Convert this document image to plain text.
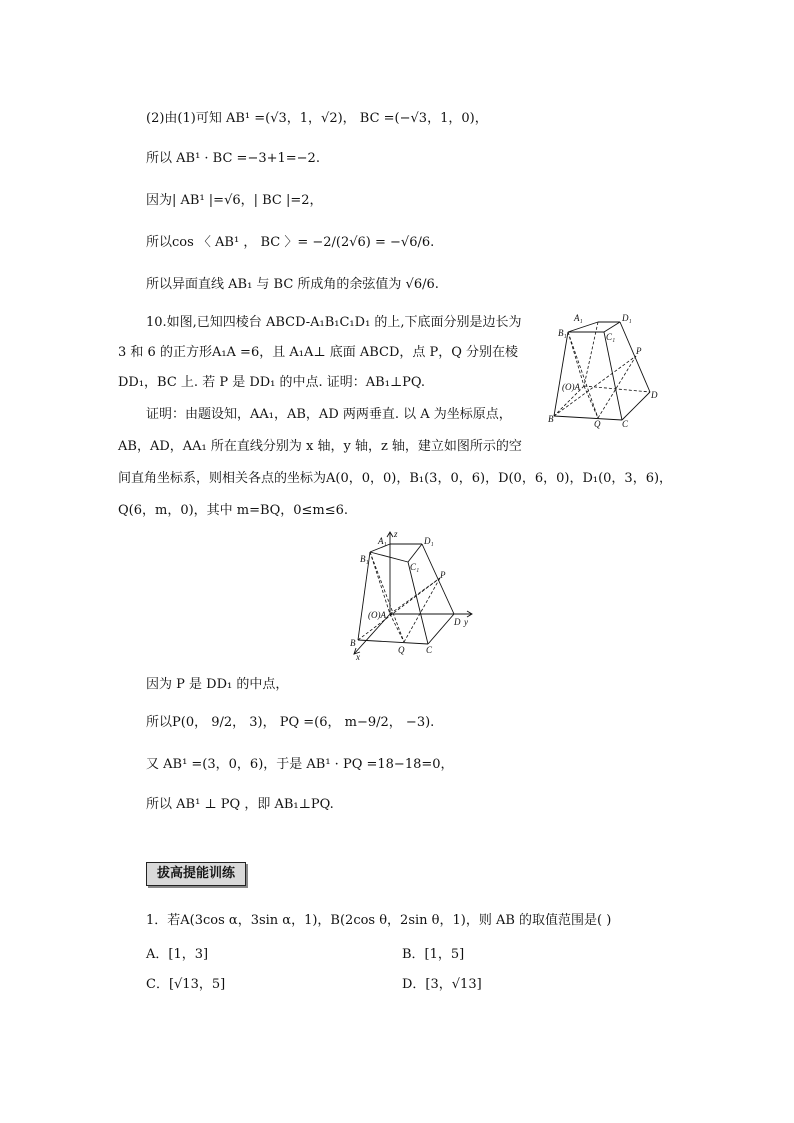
(2)由(1)可知 AB¹ =(√3，1，√2)， BC =(−√3，1，0)，
所以 AB¹ · BC =−3+1=−2.
因为| AB¹ |=√6，| BC |=2，
所以cos 〈 AB¹ ， BC 〉= −2/(2√6) = −√6/6.
所以异面直线 AB₁ 与 BC 所成角的余弦值为 √6/6.
10.如图,已知四棱台 ABCD-A₁B₁C₁D₁ 的上,下底面分别是边长为
3 和 6 的正方形A₁A =6，且 A₁A⊥ 底面 ABCD，点 P，Q 分别在棱
DD₁，BC 上. 若 P 是 DD₁ 的中点. 证明：AB₁⊥PQ.
证明：由题设知，AA₁，AB，AD 两两垂直. 以 A 为坐标原点，
AB，AD，AA₁ 所在直线分别为 x 轴，y 轴，z 轴，建立如图所示的空
间直角坐标系，则相关各点的坐标为A(0，0，0)，B₁(3，0，6)，D(0，6，0)，D₁(0，3，6)，
Q(6，m，0)，其中 m=BQ，0≤m≤6.
A₁	D₁
B₁	C₁
P
(O)A
D
B	Q C
z
y
x
A₁	D₁
B₁
C₁
P
(O)A
D
B
Q C
因为 P 是 DD₁ 的中点，
所以P(0， 9/2， 3)， PQ =(6， m−9/2， −3).
又 AB¹ =(3，0，6)，于是 AB¹ · PQ =18−18=0，
所以 AB¹ ⊥ PQ ，即 AB₁⊥PQ.
拔高提能训练
1．若A(3cos α，3sin α，1)，B(2cos θ，2sin θ，1)，则 AB 的取值范围是( )
A．[1，3]	B．[1，5]
C．[√13，5]	D．[3，√13]
